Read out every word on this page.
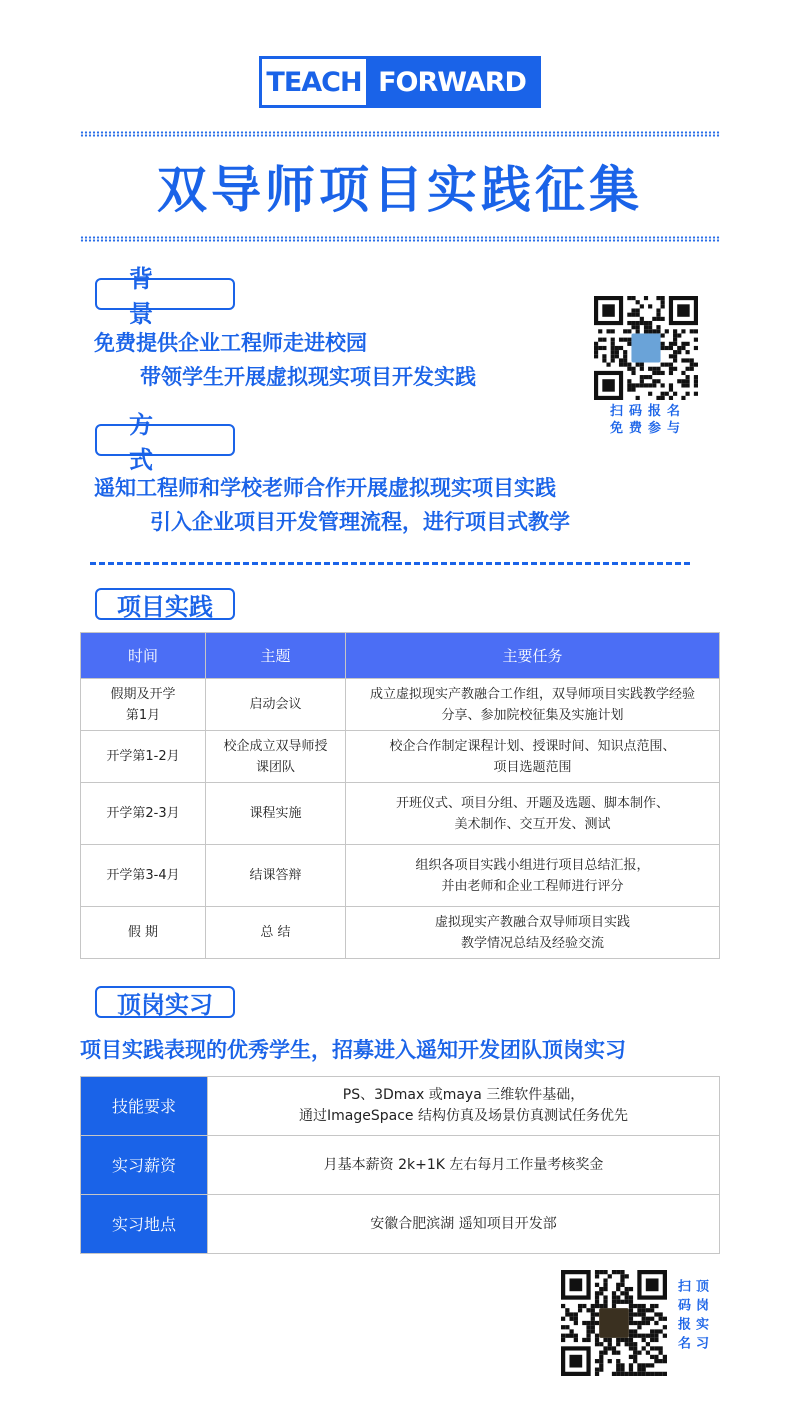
TEACH FORWARD
双导师项目实践征集
背景
免费提供企业工程师走进校园
带领学生开展虚拟现实项目开发实践
扫码报名
免费参与
方式
遥知工程师和学校老师合作开展虚拟现实项目实践
引入企业项目开发管理流程，进行项目式教学
项目实践
时间	主题	主要任务
假期及开学
第1月	启动会议	成立虚拟现实产教融合工作组，双导师项目实践教学经验
分享、参加院校征集及实施计划
开学第1-2月	校企成立双导师授
课团队	校企合作制定课程计划、授课时间、知识点范围、
项目选题范围
开学第2-3月	课程实施	开班仪式、项目分组、开题及选题、脚本制作、
美术制作、交互开发、测试
开学第3-4月	结课答辩	组织各项目实践小组进行项目总结汇报，
并由老师和企业工程师进行评分
假 期	总 结	虚拟现实产教融合双导师项目实践
教学情况总结及经验交流
顶岗实习
项目实践表现的优秀学生，招募进入遥知开发团队顶岗实习
技能要求	PS、3Dmax 或maya 三维软件基础，
通过ImageSpace 结构仿真及场景仿真测试任务优先
实习薪资	月基本薪资 2k+1K 左右每月工作量考核奖金
实习地点	安徽合肥滨湖 遥知项目开发部
扫码报名 顶岗实习
